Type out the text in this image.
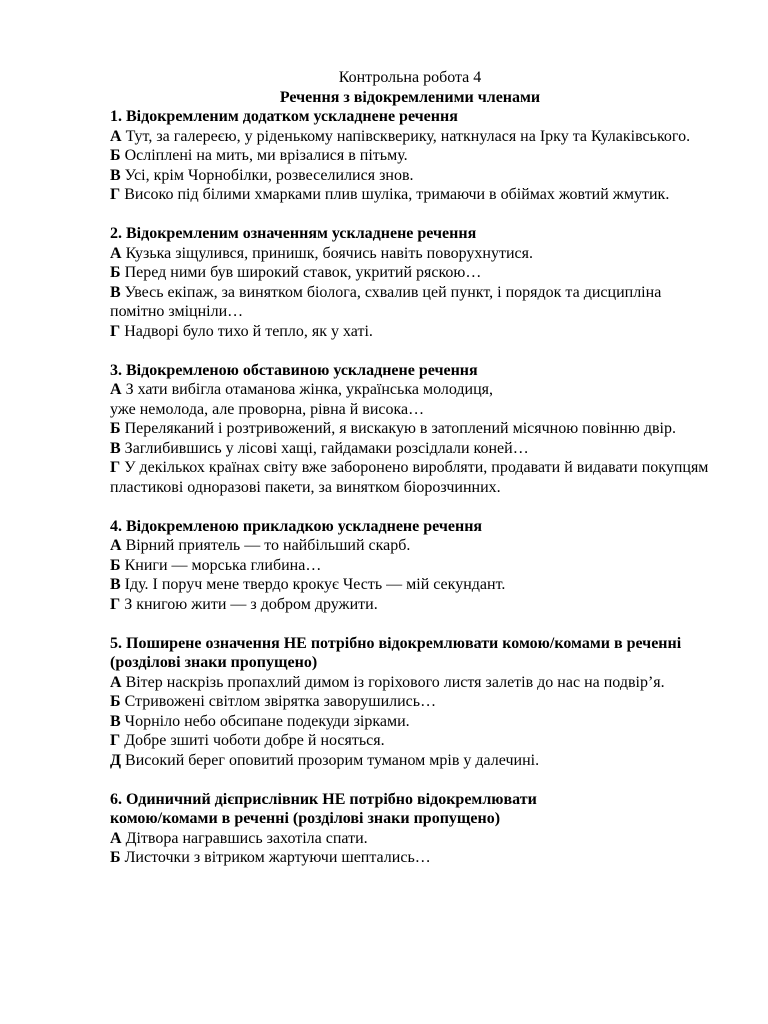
Контрольна робота 4

Речення з відокремленими членами

1. Відокремленим додатком ускладнене речення

А Тут, за галереєю, у ріденькому напівскверику, наткнулася на Ірку та Кулаківського.

Б Осліплені на мить, ми врізалися в пітьму.

В Усі, крім Чорнобілки, розвеселилися знов.

Г Високо під білими хмарками плив шуліка, тримаючи в обіймах жовтий жмутик.

2. Відокремленим означенням ускладнене речення

А Кузька зіщулився, принишк, боячись навіть поворухнутися.

Б Перед ними був широкий ставок, укритий ряскою…

В Увесь екіпаж, за винятком біолога, схвалив цей пункт, і порядок та дисципліна помітно зміцніли…

Г Надворі було тихо й тепло, як у хаті.

3. Відокремленою обставиною ускладнене речення

А З хати вибігла отаманова жінка, українська молодиця,
уже немолода, але проворна, рівна й висока…

Б Переляканий і розтривожений, я вискакую в затоплений місячною повінню двір.

В Заглибившись у лісові хащі, гайдамаки розсідлали коней…

Г У декількох країнах світу вже заборонено виробляти, продавати й видавати покупцям пластикові одноразові пакети, за винятком біорозчинних.

4. Відокремленою прикладкою ускладнене речення

А Вірний приятель — то найбільший скарб.

Б Книги — морська глибина…

В Іду. І поруч мене твердо крокує Честь — мій секундант.

Г З книгою жити — з добром дружити.

5. Поширене означення НЕ потрібно відокремлювати комою/комами в реченні (розділові знаки пропущено)

А Вітер наскрізь пропахлий димом із горіхового листя залетів до нас на подвір’я.

Б Стривожені світлом звірятка заворушились…

В Чорніло небо обсипане подекуди зірками.

Г Добре зшиті чоботи добре й носяться.

Д Високий берег оповитий прозорим туманом мрів у далечині.

6. Одиничний дієприслівник НЕ потрібно відокремлювати
комою/комами в реченні (розділові знаки пропущено)

А Дітвора награвшись захотіла спати.

Б Листочки з вітриком жартуючи шептались…
